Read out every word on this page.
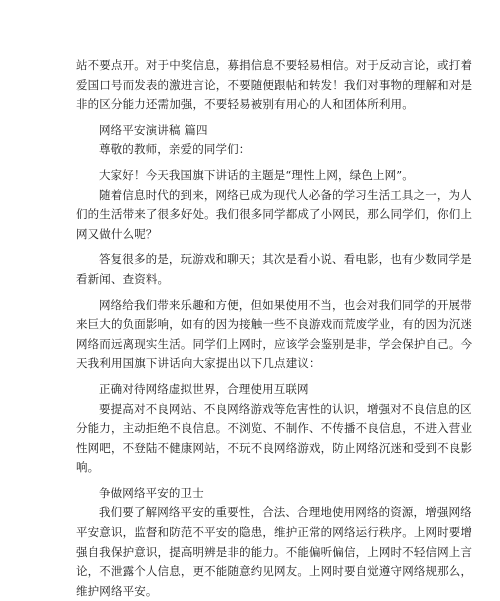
站不要点开。对于中奖信息，募捐信息不要轻易相信。对于反动言论，或打着
爱国口号而发表的激进言论，不要随便跟帖和转发！我们对事物的理解和对是
非的区分能力还需加强，不要轻易被别有用心的人和团体所利用。
网络平安演讲稿 篇四
尊敬的教师，亲爱的同学们：
大家好！今天我国旗下讲话的主题是“理性上网，绿色上网”。
随着信息时代的到来，网络已成为现代人必备的学习生活工具之一，为人
们的生活带来了很多好处。我们很多同学都成了小网民，那么同学们，你们上
网又做什么呢？
答复很多的是，玩游戏和聊天；其次是看小说、看电影，也有少数同学是
看新闻、查资料。
网络给我们带来乐趣和方便，但如果使用不当，也会对我们同学的开展带
来巨大的负面影响，如有的因为接触一些不良游戏而荒废学业，有的因为沉迷
网络而远离现实生活。同学们上网时，应该学会鉴别是非，学会保护自己。今
天我利用国旗下讲话向大家提出以下几点建议：
正确对待网络虚拟世界，合理使用互联网
要提高对不良网站、不良网络游戏等危害性的认识，增强对不良信息的区
分能力，主动拒绝不良信息。不浏览、不制作、不传播不良信息，不进入营业
性网吧，不登陆不健康网站，不玩不良网络游戏，防止网络沉迷和受到不良影
响。
争做网络平安的卫士
我们要了解网络平安的重要性，合法、合理地使用网络的资源，增强网络
平安意识，监督和防范不平安的隐患，维护正常的网络运行秩序。上网时要增
强自我保护意识，提高明辨是非的能力。不能偏听偏信，上网时不轻信网上言
论，不泄露个人信息，更不能随意约见网友。上网时要自觉遵守网络规那么，
维护网络平安。
